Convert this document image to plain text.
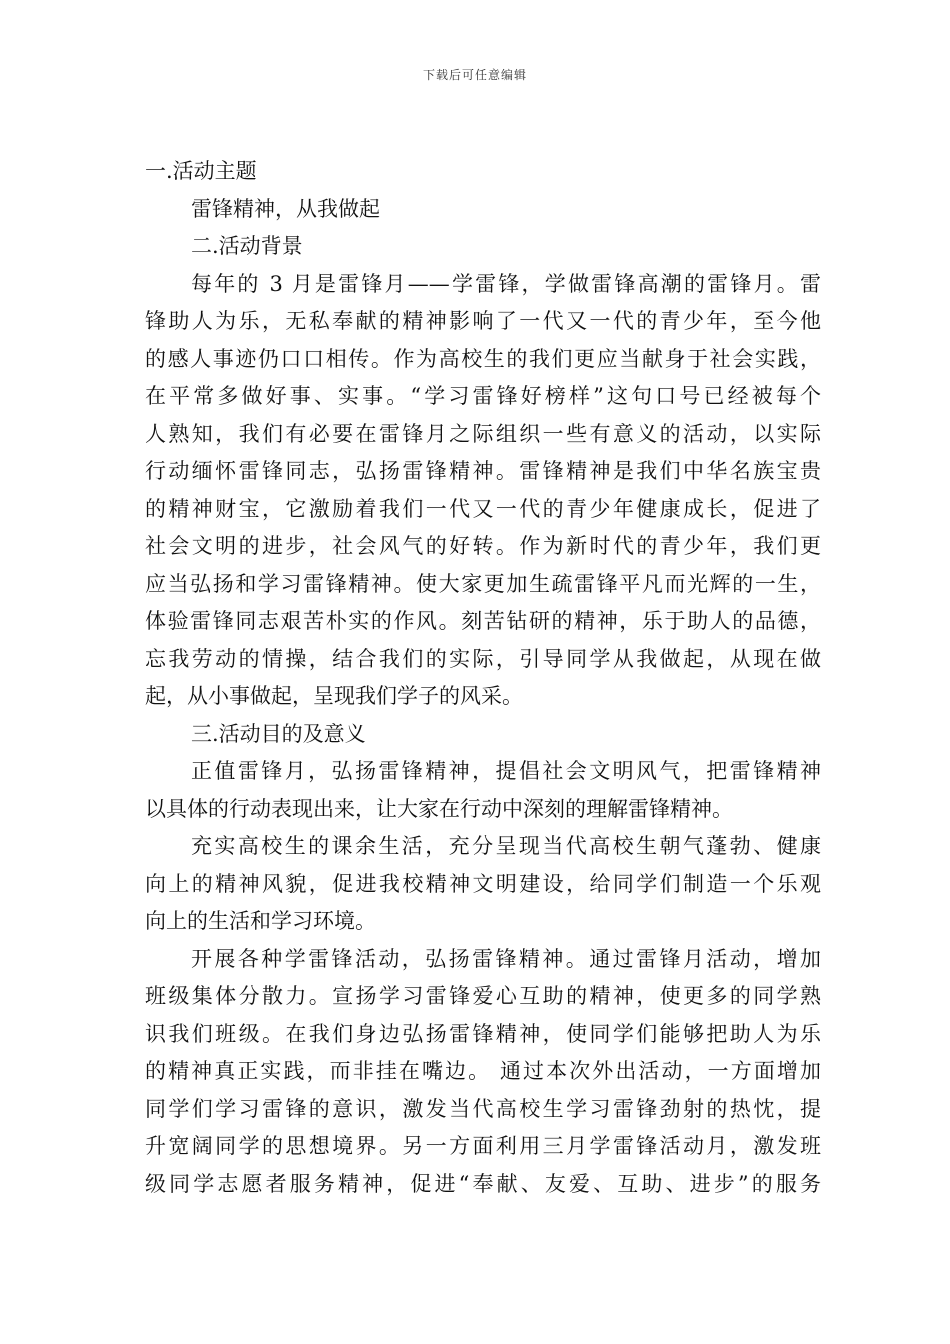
下载后可任意编辑
一.活动主题
雷锋精神，从我做起
二.活动背景
每年的 3 月是雷锋月——学雷锋，学做雷锋高潮的雷锋月。雷
锋助人为乐，无私奉献的精神影响了一代又一代的青少年，至今他
的感人事迹仍口口相传。作为高校生的我们更应当献身于社会实践，
在平常多做好事、实事。“学习雷锋好榜样”这句口号已经被每个
人熟知，我们有必要在雷锋月之际组织一些有意义的活动，以实际
行动缅怀雷锋同志，弘扬雷锋精神。雷锋精神是我们中华名族宝贵
的精神财宝，它激励着我们一代又一代的青少年健康成长，促进了
社会文明的进步，社会风气的好转。作为新时代的青少年，我们更
应当弘扬和学习雷锋精神。使大家更加生疏雷锋平凡而光辉的一生，
体验雷锋同志艰苦朴实的作风。刻苦钻研的精神，乐于助人的品德，
忘我劳动的情操，结合我们的实际，引导同学从我做起，从现在做
起，从小事做起，呈现我们学子的风采。
三.活动目的及意义
正值雷锋月，弘扬雷锋精神，提倡社会文明风气，把雷锋精神
以具体的行动表现出来，让大家在行动中深刻的理解雷锋精神。
充实高校生的课余生活，充分呈现当代高校生朝气蓬勃、健康
向上的精神风貌，促进我校精神文明建设，给同学们制造一个乐观
向上的生活和学习环境。
开展各种学雷锋活动，弘扬雷锋精神。通过雷锋月活动，增加
班级集体分散力。宣扬学习雷锋爱心互助的精神，使更多的同学熟
识我们班级。在我们身边弘扬雷锋精神，使同学们能够把助人为乐
的精神真正实践，而非挂在嘴边。 通过本次外出活动，一方面增加
同学们学习雷锋的意识，激发当代高校生学习雷锋劲射的热忱，提
升宽阔同学的思想境界。另一方面利用三月学雷锋活动月，激发班
级同学志愿者服务精神，促进“奉献、友爱、互助、进步”的服务
